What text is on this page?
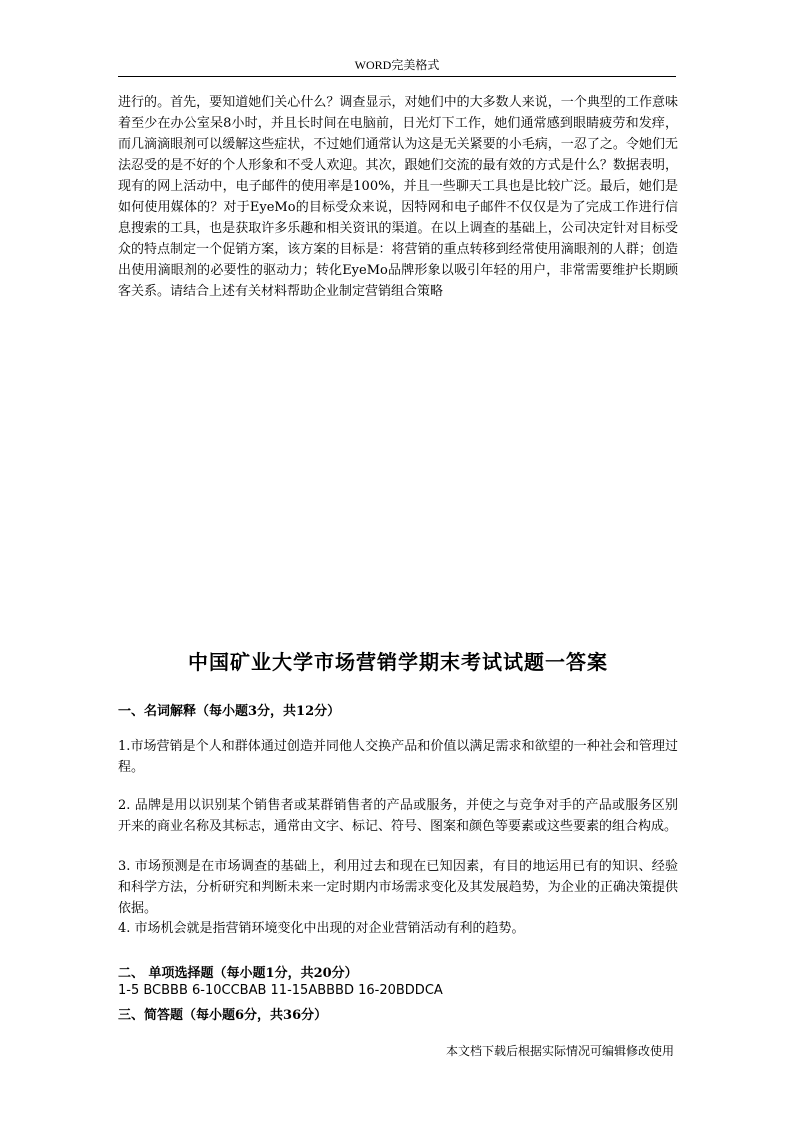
WORD完美格式

进行的。首先，要知道她们关心什么？调查显示，对她们中的大多数人来说，一个典型的工作意味着至少在办公室呆8小时，并且长时间在电脑前，日光灯下工作，她们通常感到眼睛疲劳和发痒，而几滴滴眼剂可以缓解这些症状，不过她们通常认为这是无关紧要的小毛病，一忍了之。令她们无法忍受的是不好的个人形象和不受人欢迎。其次，跟她们交流的最有效的方式是什么？数据表明，现有的网上活动中，电子邮件的使用率是100%，并且一些聊天工具也是比较广泛。最后，她们是如何使用媒体的？对于EyeMo的目标受众来说，因特网和电子邮件不仅仅是为了完成工作进行信息搜索的工具，也是获取许多乐趣和相关资讯的渠道。在以上调查的基础上，公司决定针对目标受众的特点制定一个促销方案，该方案的目标是：将营销的重点转移到经常使用滴眼剂的人群；创造出使用滴眼剂的必要性的驱动力；转化EyeMo品牌形象以吸引年轻的用户，非常需要维护长期顾客关系。请结合上述有关材料帮助企业制定营销组合策略

中国矿业大学市场营销学期末考试试题一答案

一、名词解释（每小题3分，共12分）

1.市场营销是个人和群体通过创造并同他人交换产品和价值以满足需求和欲望的一种社会和管理过程。

2. 品牌是用以识别某个销售者或某群销售者的产品或服务，并使之与竞争对手的产品或服务区别开来的商业名称及其标志，通常由文字、标记、符号、图案和颜色等要素或这些要素的组合构成。

3. 市场预测是在市场调查的基础上，利用过去和现在已知因素，有目的地运用已有的知识、经验和科学方法，分析研究和判断未来一定时期内市场需求变化及其发展趋势，为企业的正确决策提供依据。

4. 市场机会就是指营销环境变化中出现的对企业营销活动有利的趋势。

二、 单项选择题（每小题1分，共20分）

1-5 BCBBB 6-10CCBAB 11-15ABBBD 16-20BDDCA

三、简答题（每小题6分，共36分）

本文档下载后根据实际情况可编辑修改使用
